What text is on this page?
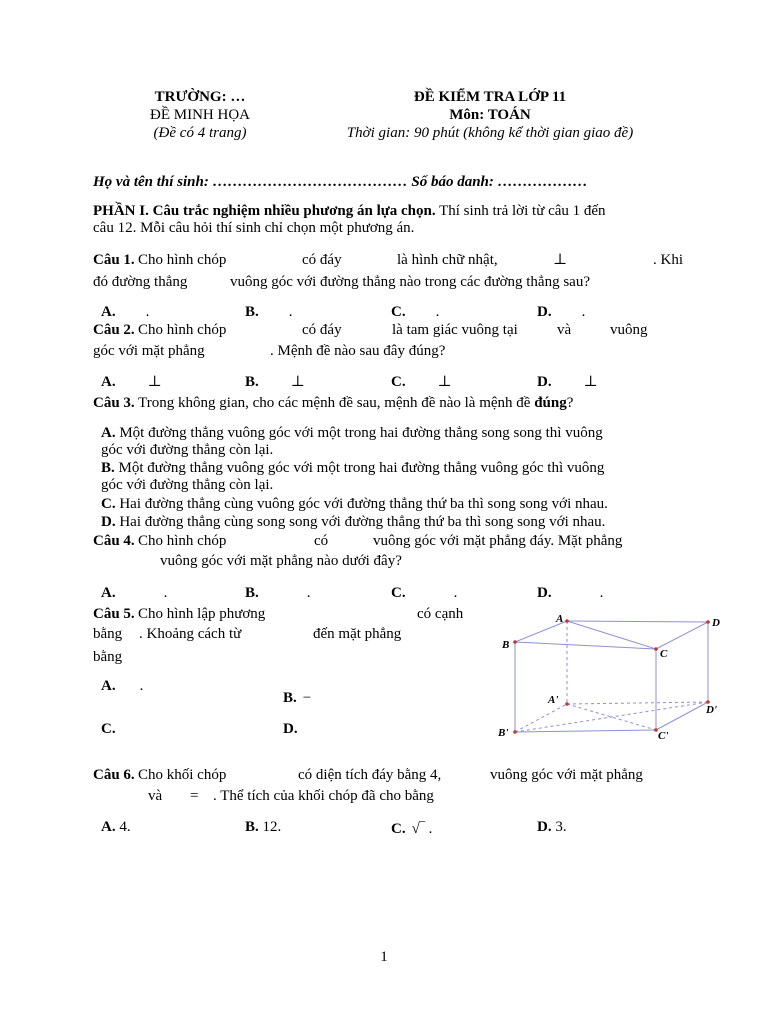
TRƯỜNG: …
ĐỀ MINH HỌA
(Đề có 4 trang)
ĐỀ KIỂM TRA LỚP 11
Môn: TOÁN
Thời gian: 90 phút (không kể thời gian giao đề)
Họ và tên thí sinh: ………………………………… Số báo danh: ………………
PHẦN I. Câu trắc nghiệm nhiều phương án lựa chọn. Thí sinh trả lời từ câu 1 đến
câu 12. Mỗi câu hỏi thí sinh chỉ chọn một phương án.
Câu 1. Cho hình chóp	có đáy	là hình chữ nhật,	⊥	. Khi
đó đường thẳng	vuông góc với đường thẳng nào trong các đường thẳng sau?
A. .	B. .	C. .	D. .
Câu 2. Cho hình chóp	có đáy	là tam giác vuông tại	và	vuông
góc với mặt phẳng	. Mệnh đề nào sau đây đúng?
A. ⊥	B. ⊥	C. ⊥	D. ⊥
Câu 3. Trong không gian, cho các mệnh đề sau, mệnh đề nào là mệnh đề đúng?
A. Một đường thẳng vuông góc với một trong hai đường thẳng song song thì vuông
góc với đường thẳng còn lại.
B. Một đường thẳng vuông góc với một trong hai đường thẳng vuông góc thì vuông
góc với đường thẳng còn lại.
C. Hai đường thẳng cùng vuông góc với đường thẳng thứ ba thì song song với nhau.
D. Hai đường thẳng cùng song song với đường thẳng thứ ba thì song song với nhau.
Câu 4. Cho hình chóp	có	vuông góc với mặt phẳng đáy. Mặt phẳng
vuông góc với mặt phẳng nào dưới đây?
A.	.	B.	.	C.	.	D.	.
Câu 5. Cho hình lập phương	có cạnh
bằng . Khoảng cách từ	đến mặt phẳng
bằng
A. .
B. −
C.	D.
A	D
B
C
A'
D'
B'	C'
Câu 6. Cho khối chóp	có diện tích đáy bằng 4,	vuông góc với mặt phẳng
và = . Thể tích của khối chóp đã cho bằng
A. 4.	B. 12.	C. √‾ .	D. 3.
1
